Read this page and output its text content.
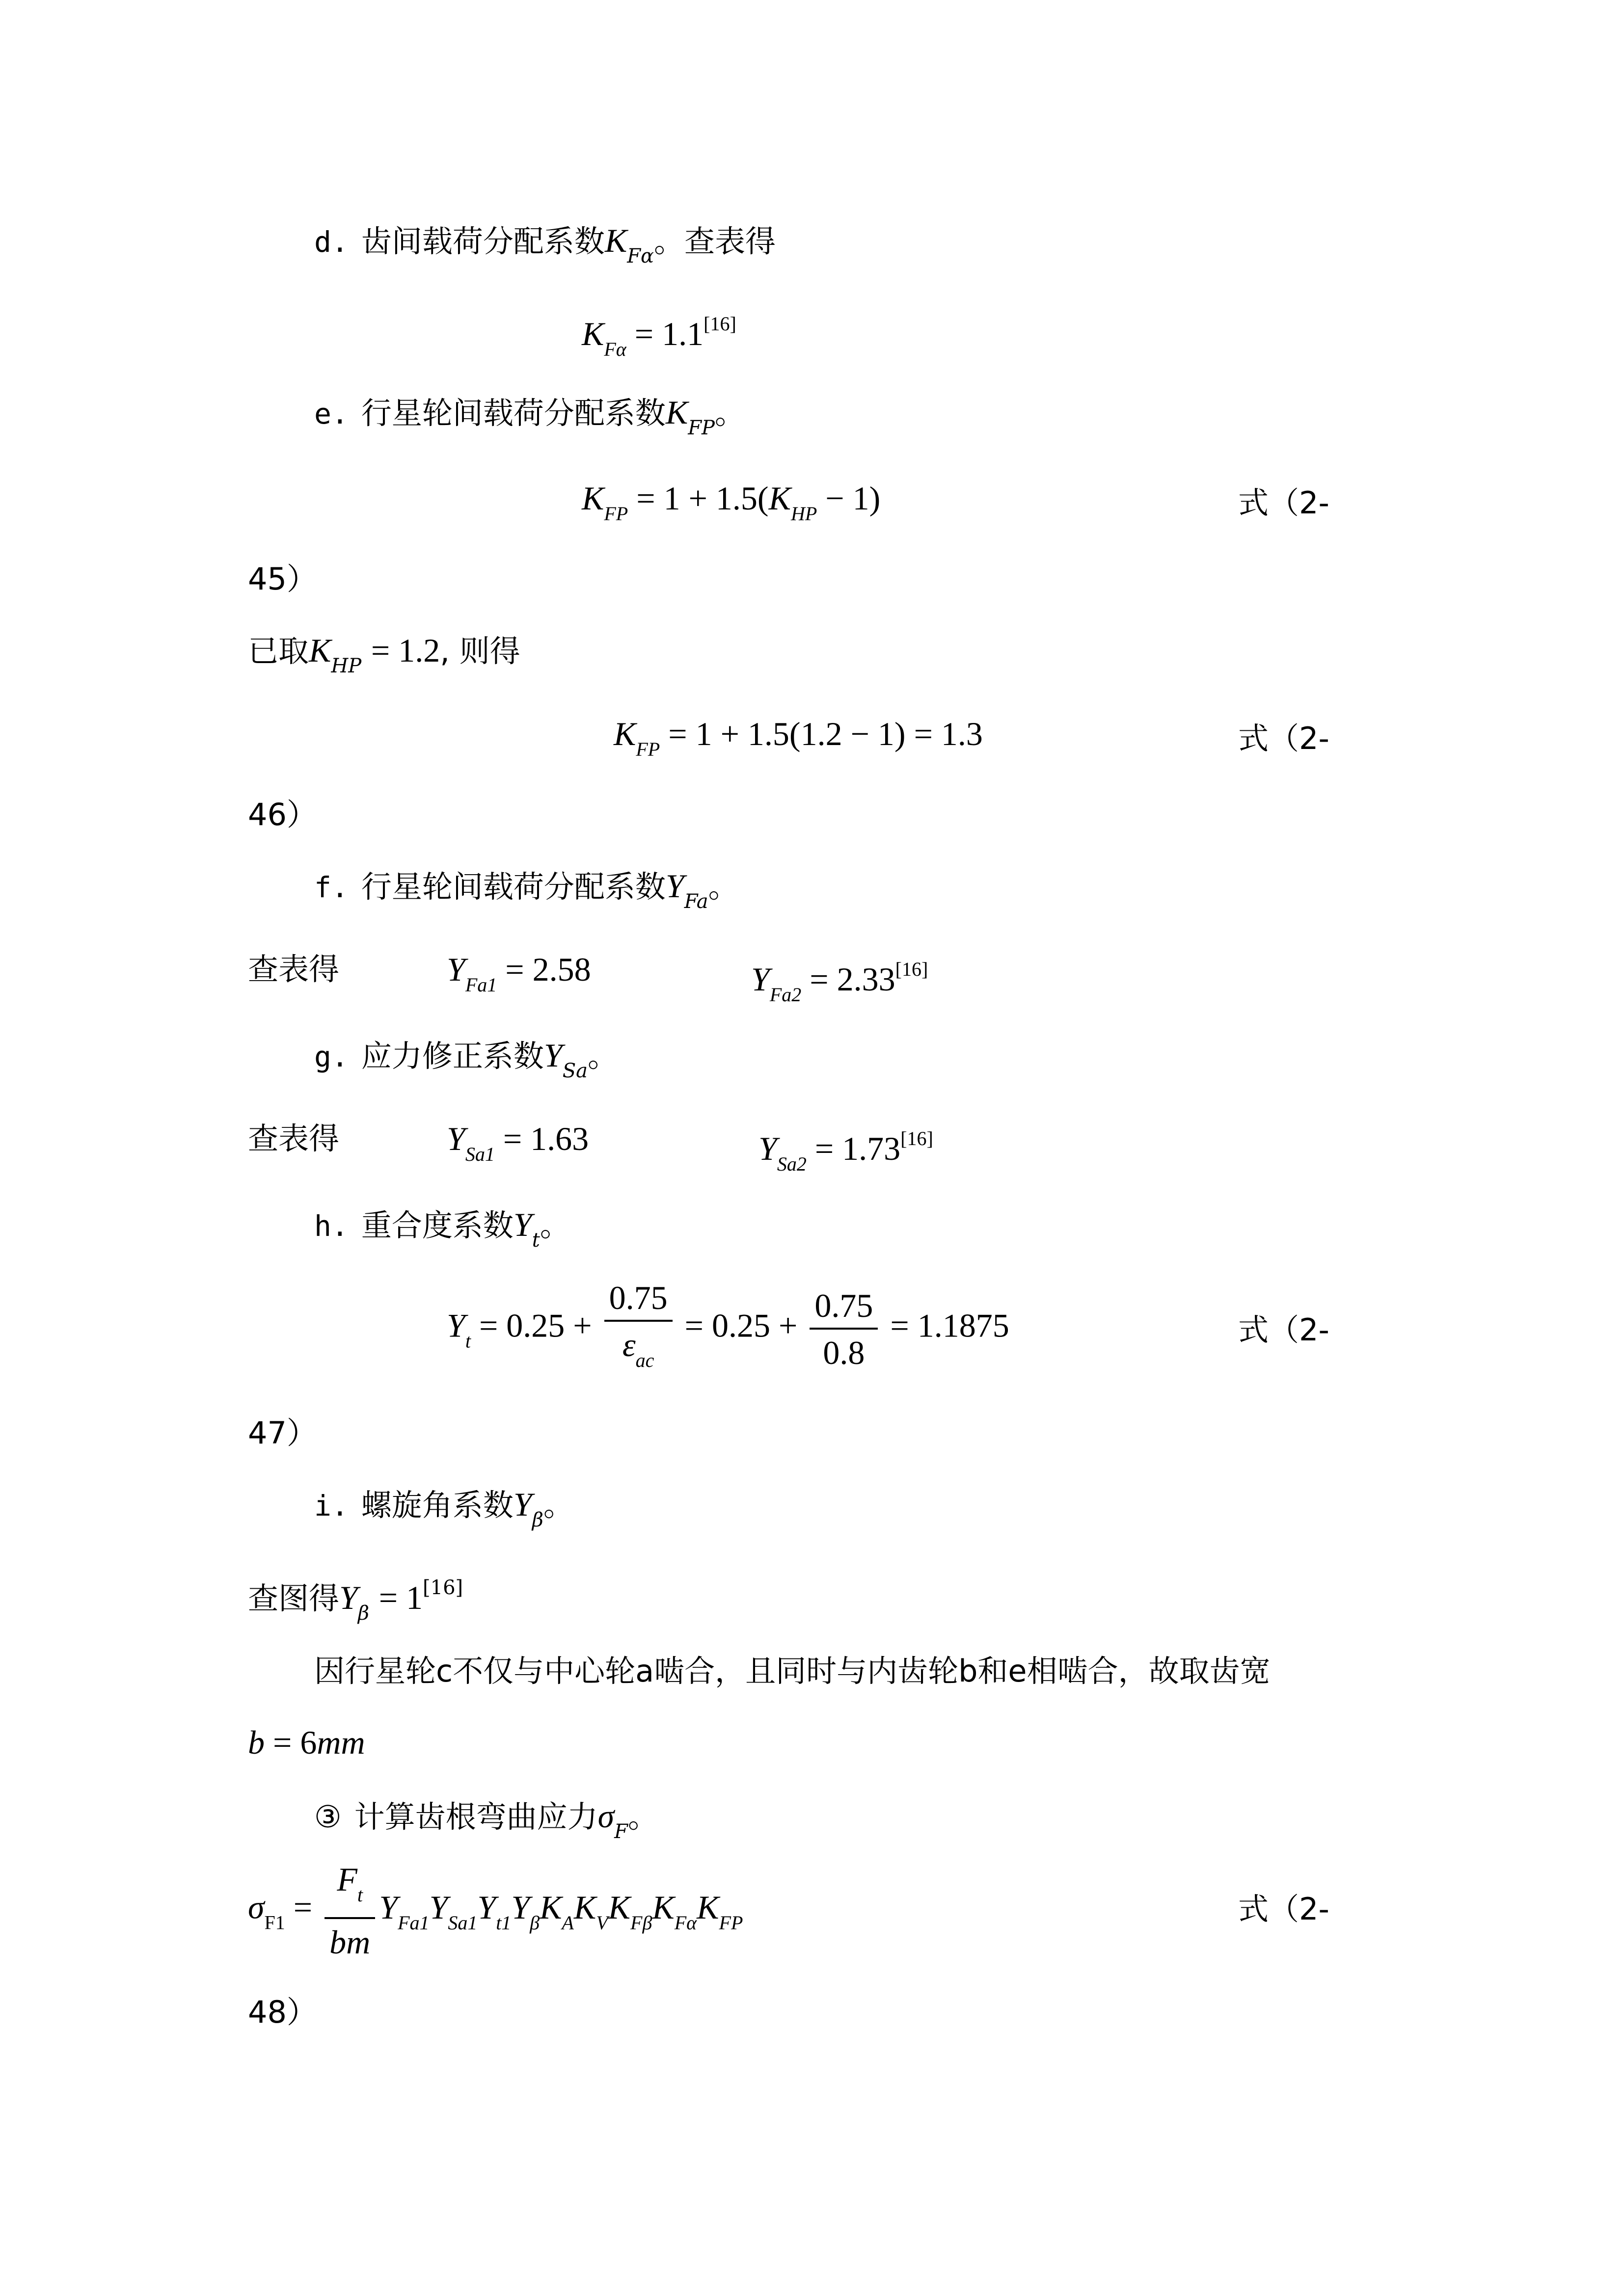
d. 齿间载荷分配系数$K_{F\alpha}$。查表得
$K_{F\alpha} = 1.1[16]$
e. 行星轮间载荷分配系数$K_{FP}$。
$K_{FP} = 1 + 1.5(K_{HP} - 1)$	式（2-
45）
已取$K_{HP} = 1.2$, 则得
$K_{FP} = 1 + 1.5(1.2 - 1) = 1.3$	式（2-
46）
f. 行星轮间载荷分配系数$Y_{Fa}$。
查表得	$Y_{Fa1} = 2.58$	$Y_{Fa2} = 2.33[16]$
g. 应力修正系数$Y_{Sa}$。
查表得	$Y_{Sa1} = 1.63$	$Y_{Sa2} = 1.73[16]$
h. 重合度系数$Y_t$。
$Y_t = 0.25 + \frac{0.75}{\varepsilon_{ac}} = 0.25 + \frac{0.75}{0.8} = 1.1875$	式（2-
47）
i. 螺旋角系数$Y_\beta$。
查图得$Y_\beta = 1[16]$
因行星轮c不仅与中心轮a啮合，且同时与内齿轮b和e相啮合，故取齿宽
b = 6mm
③ 计算齿根弯曲应力$\sigma_F$。
$\sigma_{F1} = \frac{F_t}{bm} Y_{Fa1}Y_{Sa1}Y_{t1}Y_\beta K_AK_VK_{F\beta}K_{F\alpha}K_{FP}$	式（2-
48）
